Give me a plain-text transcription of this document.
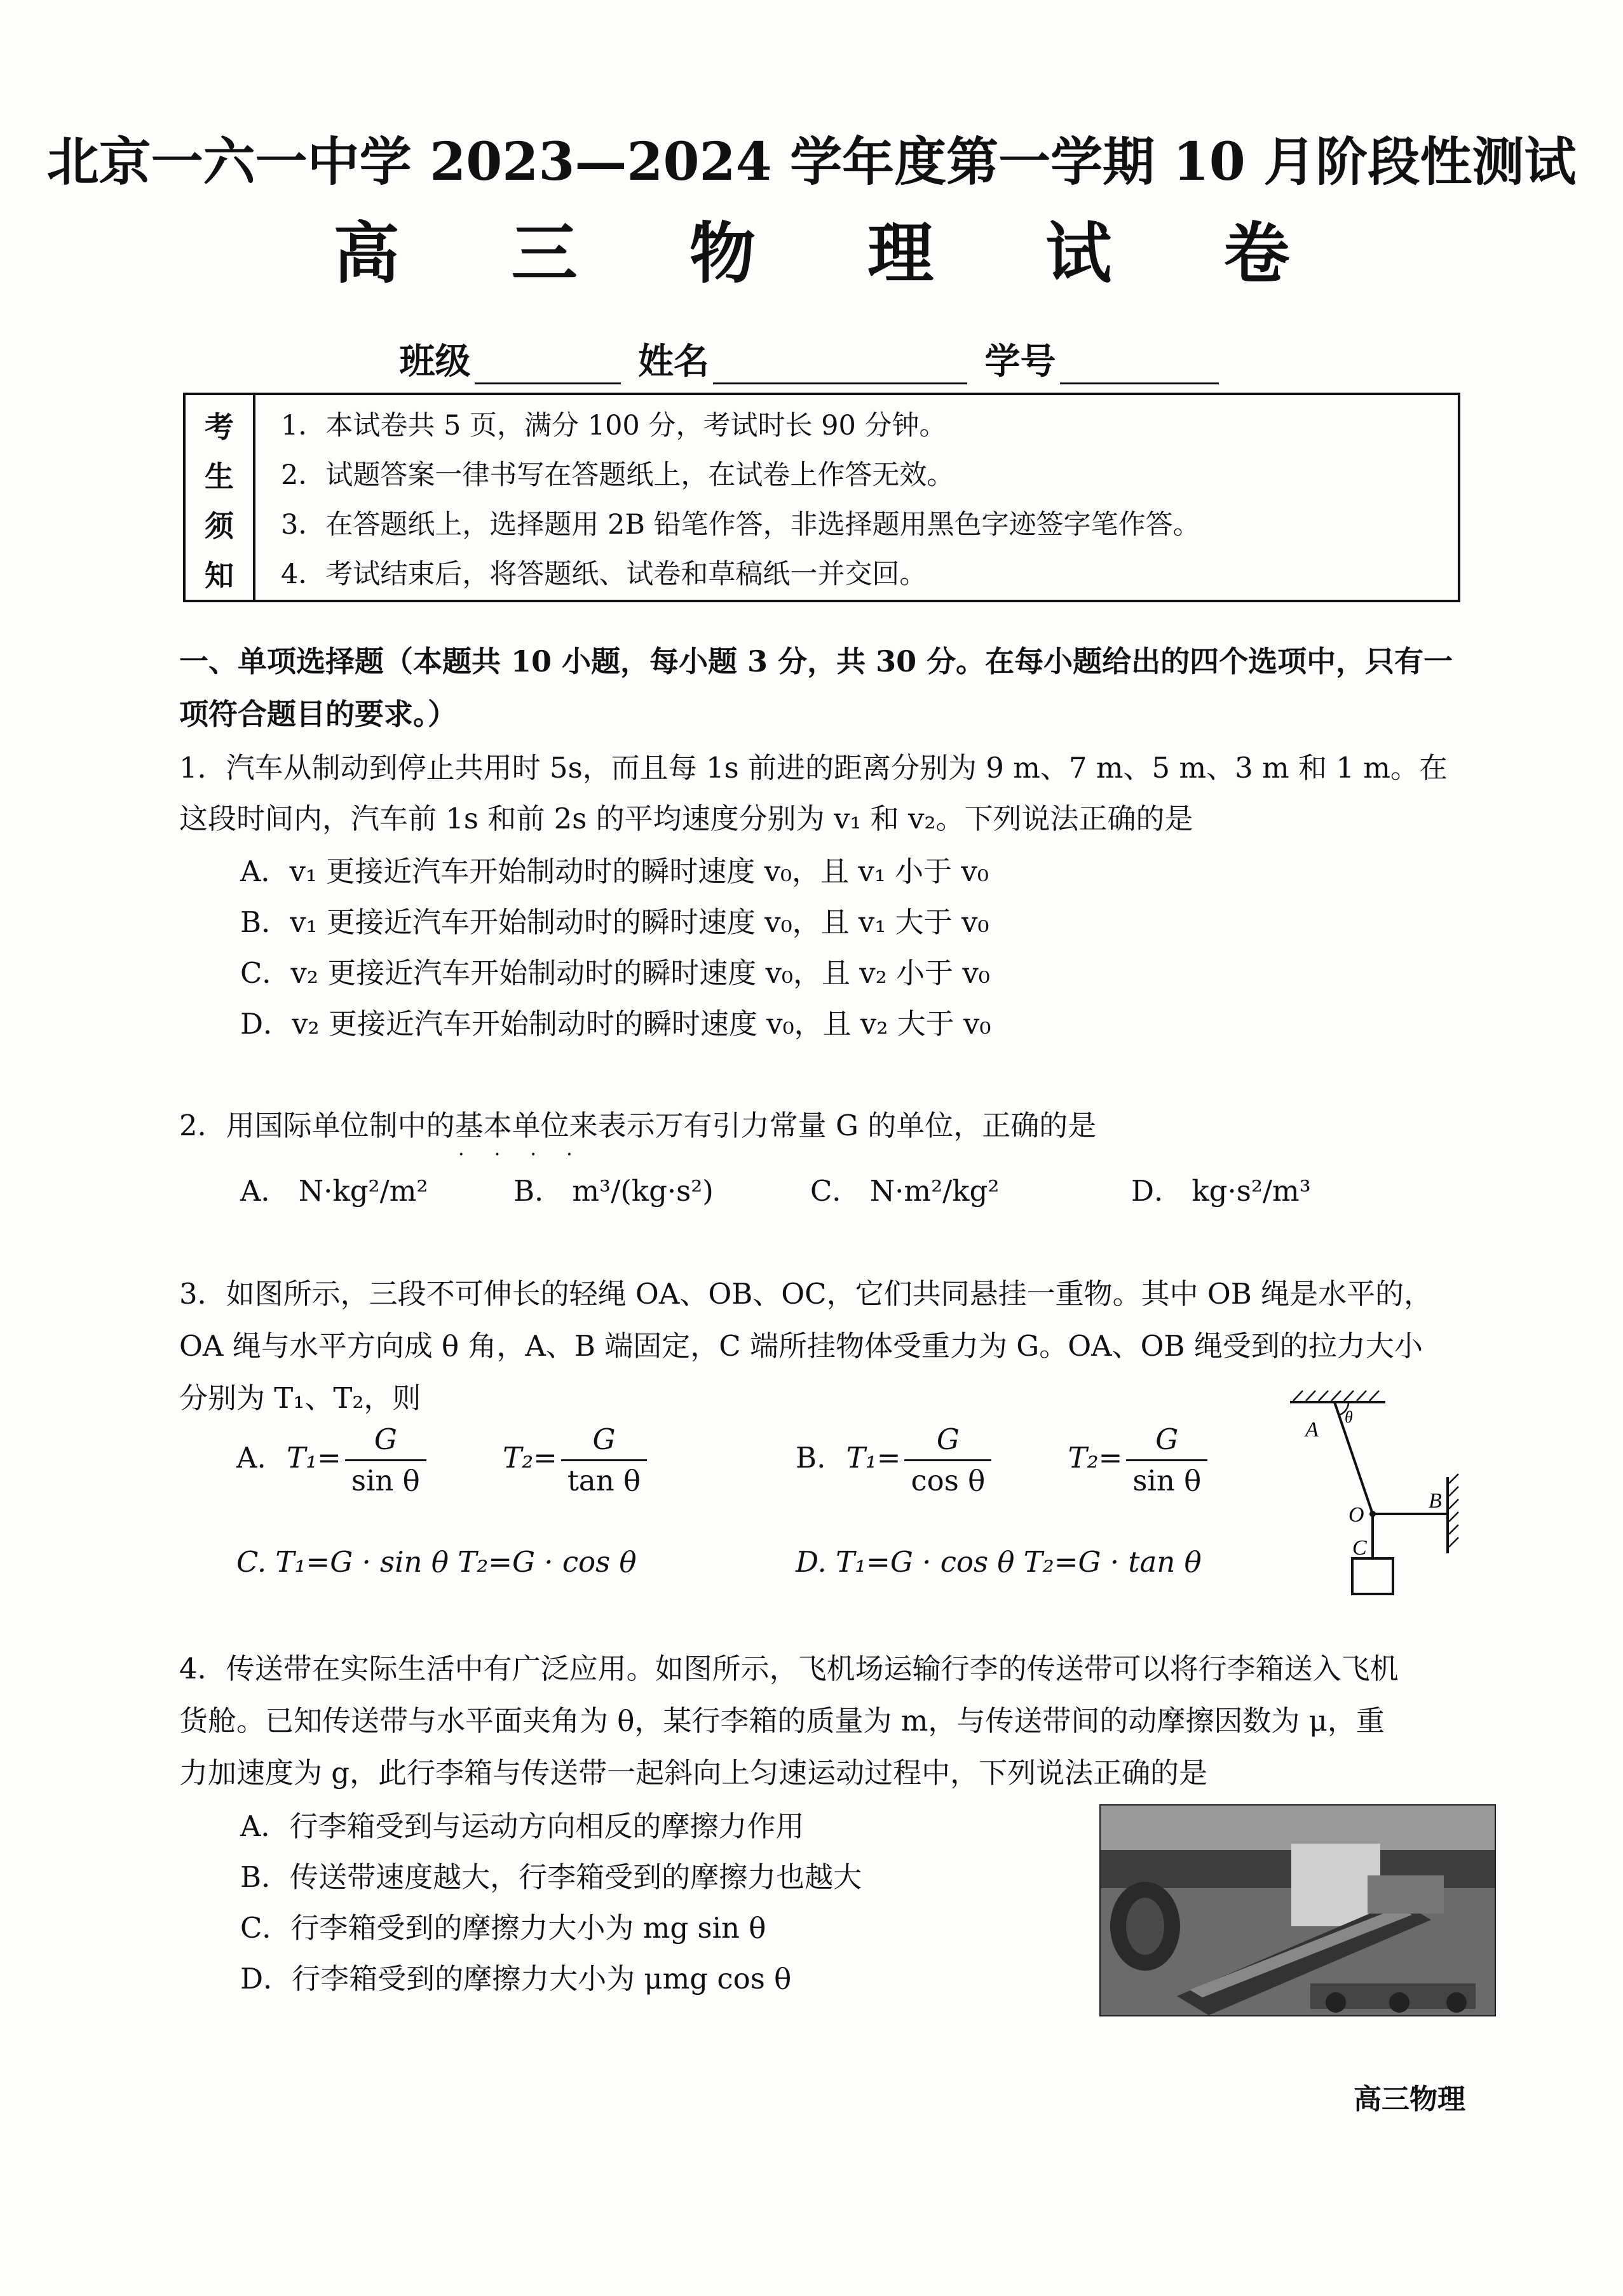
北京一六一中学 2023—2024 学年度第一学期 10 月阶段性测试
高 三 物 理 试 卷
班级	姓名	学号
考
生
须
知
1．本试卷共 5 页，满分 100 分，考试时长 90 分钟。
2．试题答案一律书写在答题纸上，在试卷上作答无效。
3．在答题纸上，选择题用 2B 铅笔作答，非选择题用黑色字迹签字笔作答。
4．考试结束后，将答题纸、试卷和草稿纸一并交回。
一、单项选择题（本题共 10 小题，每小题 3 分，共 30 分。在每小题给出的四个选项中，只有一
项符合题目的要求。）
1．汽车从制动到停止共用时 5s，而且每 1s 前进的距离分别为 9 m、7 m、5 m、3 m 和 1 m。在
这段时间内，汽车前 1s 和前 2s 的平均速度分别为 v₁ 和 v₂。下列说法正确的是
A．v₁ 更接近汽车开始制动时的瞬时速度 v₀，且 v₁ 小于 v₀
B．v₁ 更接近汽车开始制动时的瞬时速度 v₀，且 v₁ 大于 v₀
C．v₂ 更接近汽车开始制动时的瞬时速度 v₀，且 v₂ 小于 v₀
D．v₂ 更接近汽车开始制动时的瞬时速度 v₀，且 v₂ 大于 v₀
2．用国际单位制中的基本单位 • • • •来表示万有引力常量 G 的单位，正确的是
A． N·kg²/m²	B． m³/(kg·s²)	C． N·m²/kg²	D． kg·s²/m³
3．如图所示，三段不可伸长的轻绳 OA、OB、OC，它们共同悬挂一重物。其中 OB 绳是水平的，
OA 绳与水平方向成 θ 角，A、B 端固定，C 端所挂物体受重力为 G。OA、OB 绳受到的拉力大小
分别为 T₁、T₂，则
A. $T_1= \frac{G}{\text{sin θ}}$	$T_2= \frac{G}{\text{tan θ}}$	B. $T_1= \frac{G}{\text{cos θ}}$	$T_2= \frac{G}{\text{sin θ}}$
C. T₁=G · sin θ T₂=G · cos θ	D. T₁=G · cos θ T₂=G · tan θ
A
θ
O
B
C
4．传送带在实际生活中有广泛应用。如图所示，飞机场运输行李的传送带可以将行李箱送入飞机
货舱。已知传送带与水平面夹角为 θ，某行李箱的质量为 m，与传送带间的动摩擦因数为 μ，重
力加速度为 g，此行李箱与传送带一起斜向上匀速运动过程中，下列说法正确的是
A．行李箱受到与运动方向相反的摩擦力作用
B．传送带速度越大，行李箱受到的摩擦力也越大
C．行李箱受到的摩擦力大小为 mg sin θ
D．行李箱受到的摩擦力大小为 μmg cos θ
高三物理
